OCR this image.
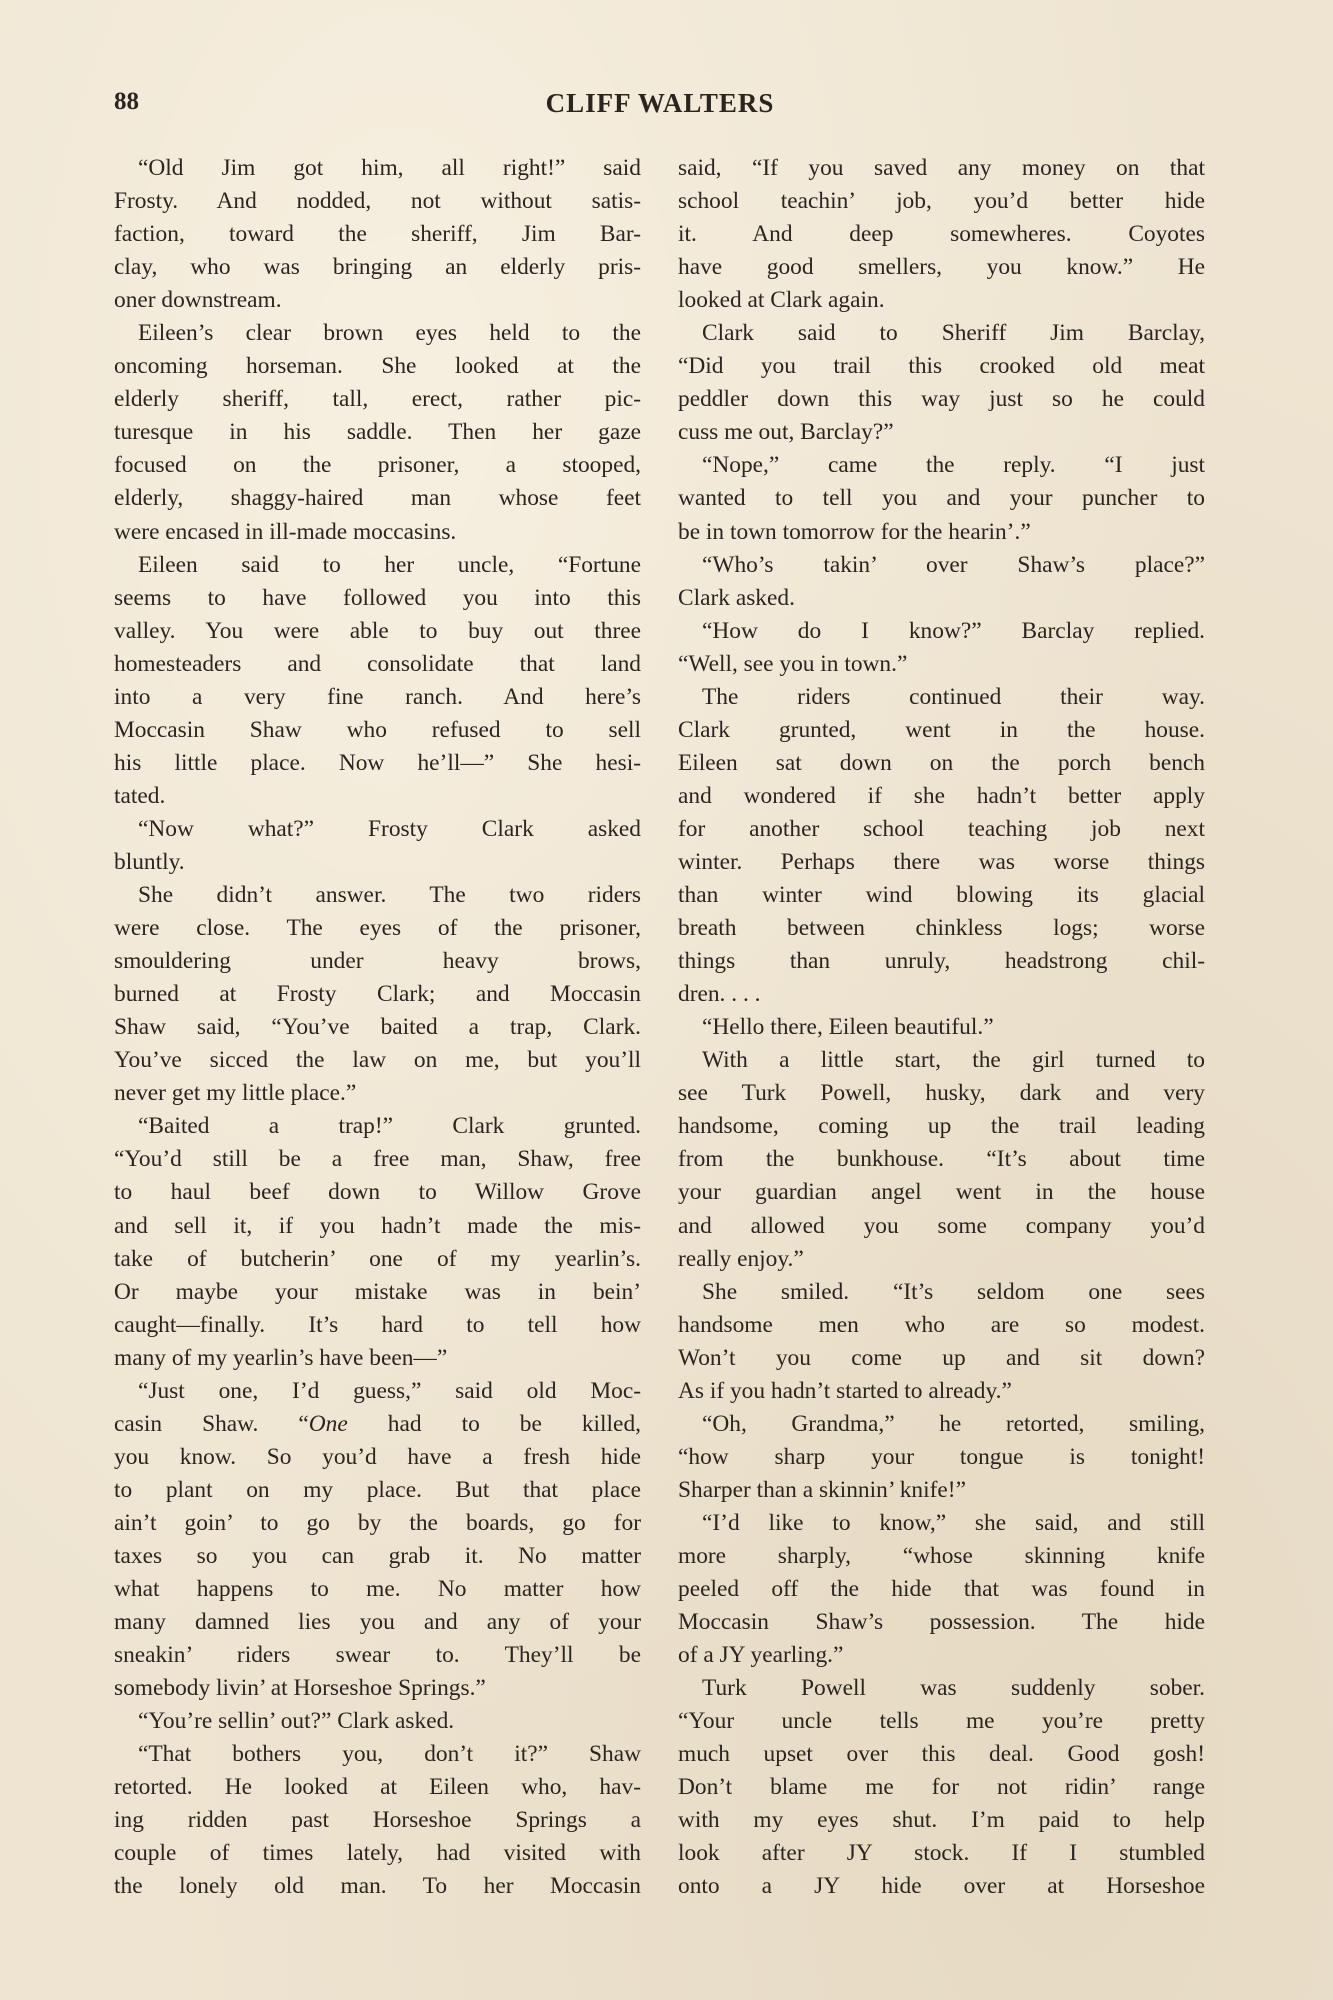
88	CLIFF WALTERS
“Old Jim got him, all right!” said
Frosty. And nodded, not without satis-
faction, toward the sheriff, Jim Bar-
clay, who was bringing an elderly pris-
oner downstream.
Eileen’s clear brown eyes held to the
oncoming horseman. She looked at the
elderly sheriff, tall, erect, rather pic-
turesque in his saddle. Then her gaze
focused on the prisoner, a stooped,
elderly, shaggy-haired man whose feet
were encased in ill-made moccasins.
Eileen said to her uncle, “Fortune
seems to have followed you into this
valley. You were able to buy out three
homesteaders and consolidate that land
into a very fine ranch. And here’s
Moccasin Shaw who refused to sell
his little place. Now he’ll—” She hesi-
tated.
“Now what?” Frosty Clark asked
bluntly.
She didn’t answer. The two riders
were close. The eyes of the prisoner,
smouldering under heavy brows,
burned at Frosty Clark; and Moccasin
Shaw said, “You’ve baited a trap, Clark.
You’ve sicced the law on me, but you’ll
never get my little place.”
“Baited a trap!” Clark grunted.
“You’d still be a free man, Shaw, free
to haul beef down to Willow Grove
and sell it, if you hadn’t made the mis-
take of butcherin’ one of my yearlin’s.
Or maybe your mistake was in bein’
caught—finally. It’s hard to tell how
many of my yearlin’s have been—”
“Just one, I’d guess,” said old Moc-
casin Shaw. “One had to be killed,
you know. So you’d have a fresh hide
to plant on my place. But that place
ain’t goin’ to go by the boards, go for
taxes so you can grab it. No matter
what happens to me. No matter how
many damned lies you and any of your
sneakin’ riders swear to. They’ll be
somebody livin’ at Horseshoe Springs.”
“You’re sellin’ out?” Clark asked.
“That bothers you, don’t it?” Shaw
retorted. He looked at Eileen who, hav-
ing ridden past Horseshoe Springs a
couple of times lately, had visited with
the lonely old man. To her Moccasin
said, “If you saved any money on that
school teachin’ job, you’d better hide
it. And deep somewheres. Coyotes
have good smellers, you know.” He
looked at Clark again.
Clark said to Sheriff Jim Barclay,
“Did you trail this crooked old meat
peddler down this way just so he could
cuss me out, Barclay?”
“Nope,” came the reply. “I just
wanted to tell you and your puncher to
be in town tomorrow for the hearin’.”
“Who’s takin’ over Shaw’s place?”
Clark asked.
“How do I know?” Barclay replied.
“Well, see you in town.”
The riders continued their way.
Clark grunted, went in the house.
Eileen sat down on the porch bench
and wondered if she hadn’t better apply
for another school teaching job next
winter. Perhaps there was worse things
than winter wind blowing its glacial
breath between chinkless logs; worse
things than unruly, headstrong chil-
dren. . . .
“Hello there, Eileen beautiful.”
With a little start, the girl turned to
see Turk Powell, husky, dark and very
handsome, coming up the trail leading
from the bunkhouse. “It’s about time
your guardian angel went in the house
and allowed you some company you’d
really enjoy.”
She smiled. “It’s seldom one sees
handsome men who are so modest.
Won’t you come up and sit down?
As if you hadn’t started to already.”
“Oh, Grandma,” he retorted, smiling,
“how sharp your tongue is tonight!
Sharper than a skinnin’ knife!”
“I’d like to know,” she said, and still
more sharply, “whose skinning knife
peeled off the hide that was found in
Moccasin Shaw’s possession. The hide
of a JY yearling.”
Turk Powell was suddenly sober.
“Your uncle tells me you’re pretty
much upset over this deal. Good gosh!
Don’t blame me for not ridin’ range
with my eyes shut. I’m paid to help
look after JY stock. If I stumbled
onto a JY hide over at Horseshoe
